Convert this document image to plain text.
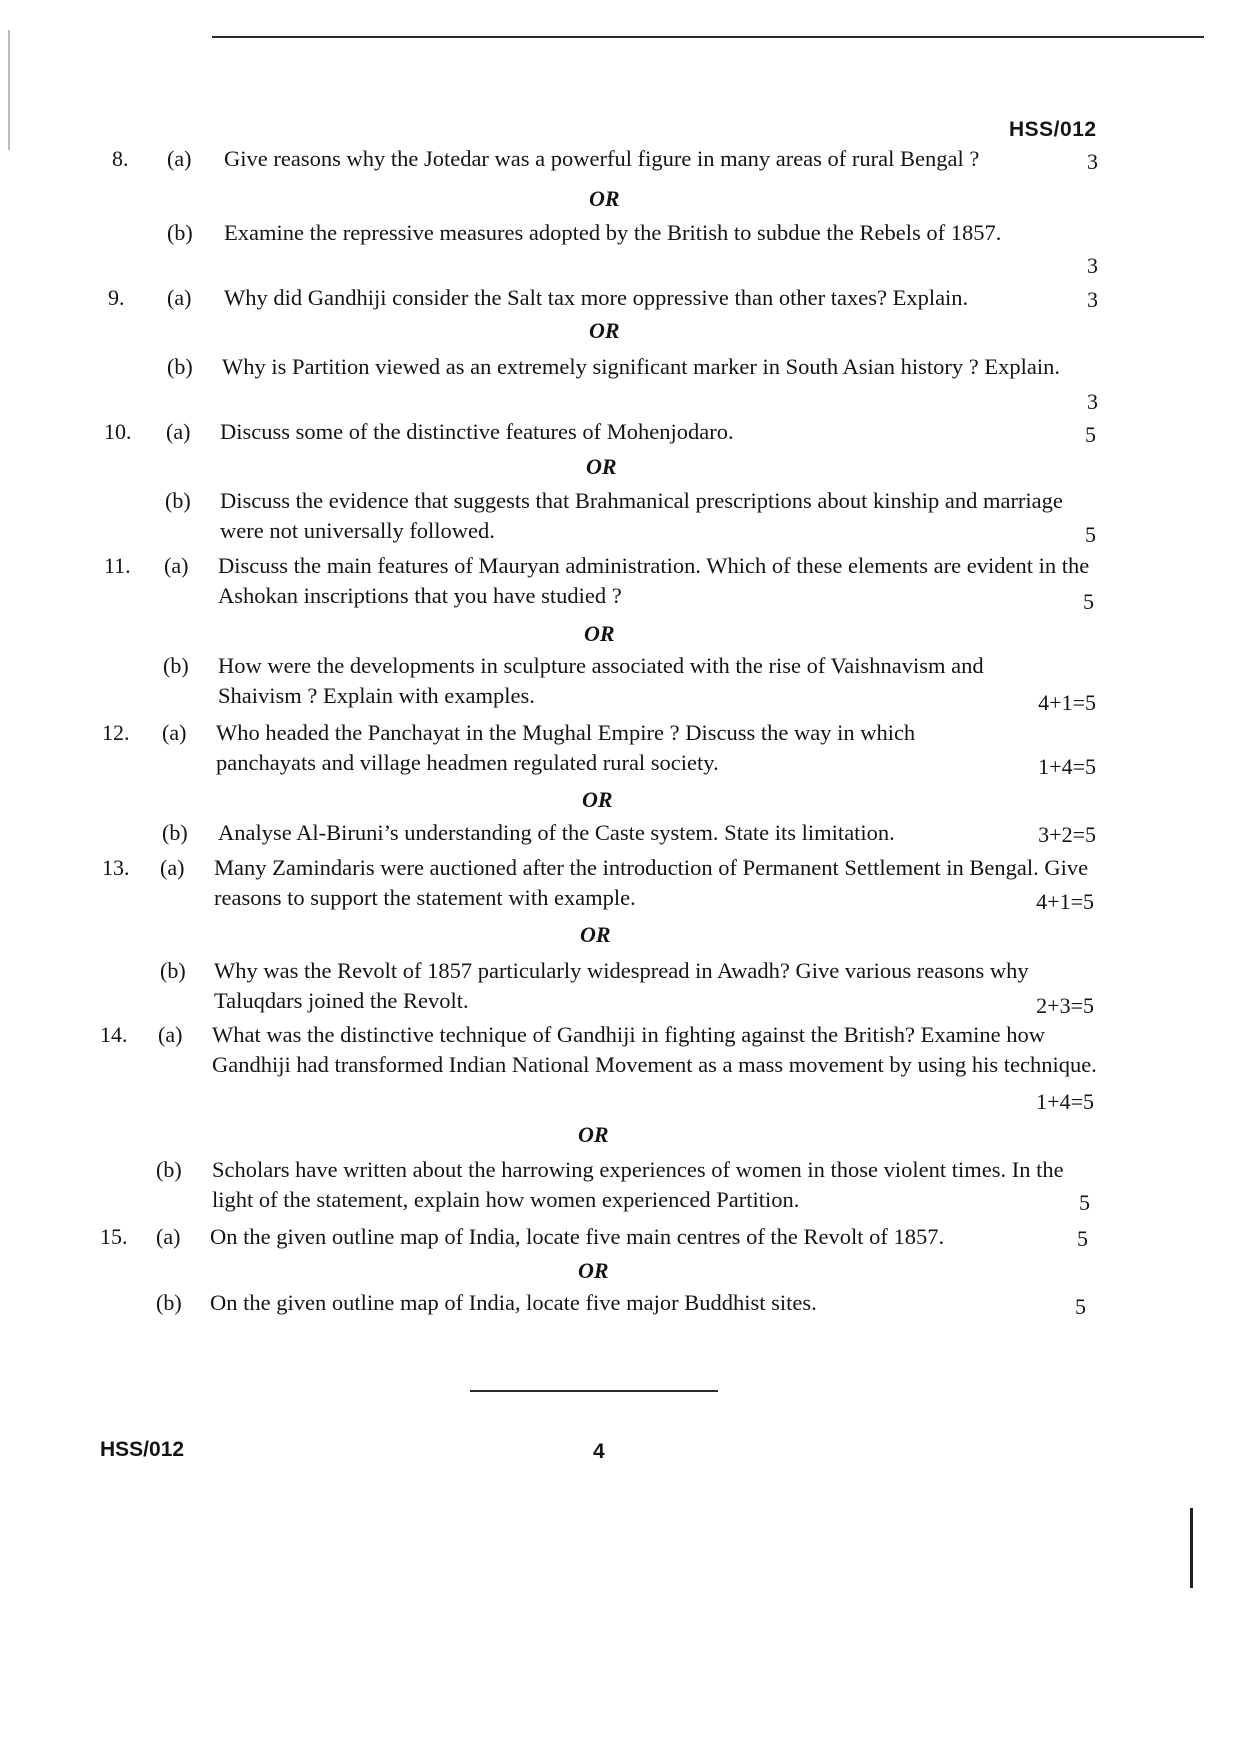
HSS/012
8. (a) Give reasons why the Jotedar was a powerful figure in many areas of rural Bengal ?	3
OR
(b) Examine the repressive measures adopted by the British to subdue the Rebels of 1857.
3
9. (a) Why did Gandhiji consider the Salt tax more oppressive than other taxes? Explain.	3
OR
(b) Why is Partition viewed as an extremely significant marker in South Asian history ? Explain.
3
10. (a) Discuss some of the distinctive features of Mohenjodaro.	5
OR
(b) Discuss the evidence that suggests that Brahmanical prescriptions about kinship and marriage were not universally followed.	5
11. (a) Discuss the main features of Mauryan administration. Which of these elements are evident in the Ashokan inscriptions that you have studied ?	5
OR
(b) How were the developments in sculpture associated with the rise of Vaishnavism and Shaivism ? Explain with examples.	4+1=5
12. (a) Who headed the Panchayat in the Mughal Empire ? Discuss the way in which panchayats and village headmen regulated rural society.	1+4=5
OR
(b) Analyse Al-Biruni’s understanding of the Caste system. State its limitation.	3+2=5
13. (a) Many Zamindaris were auctioned after the introduction of Permanent Settlement in Bengal. Give reasons to support the statement with example.	4+1=5
OR
(b) Why was the Revolt of 1857 particularly widespread in Awadh? Give various reasons why Taluqdars joined the Revolt.	2+3=5
14. (a) What was the distinctive technique of Gandhiji in fighting against the British? Examine how Gandhiji had transformed Indian National Movement as a mass movement by using his technique.
1+4=5
OR
(b) Scholars have written about the harrowing experiences of women in those violent times. In the light of the statement, explain how women experienced Partition.	5
15. (a) On the given outline map of India, locate five main centres of the Revolt of 1857.	5
OR
(b) On the given outline map of India, locate five major Buddhist sites.	5
HSS/012	4
